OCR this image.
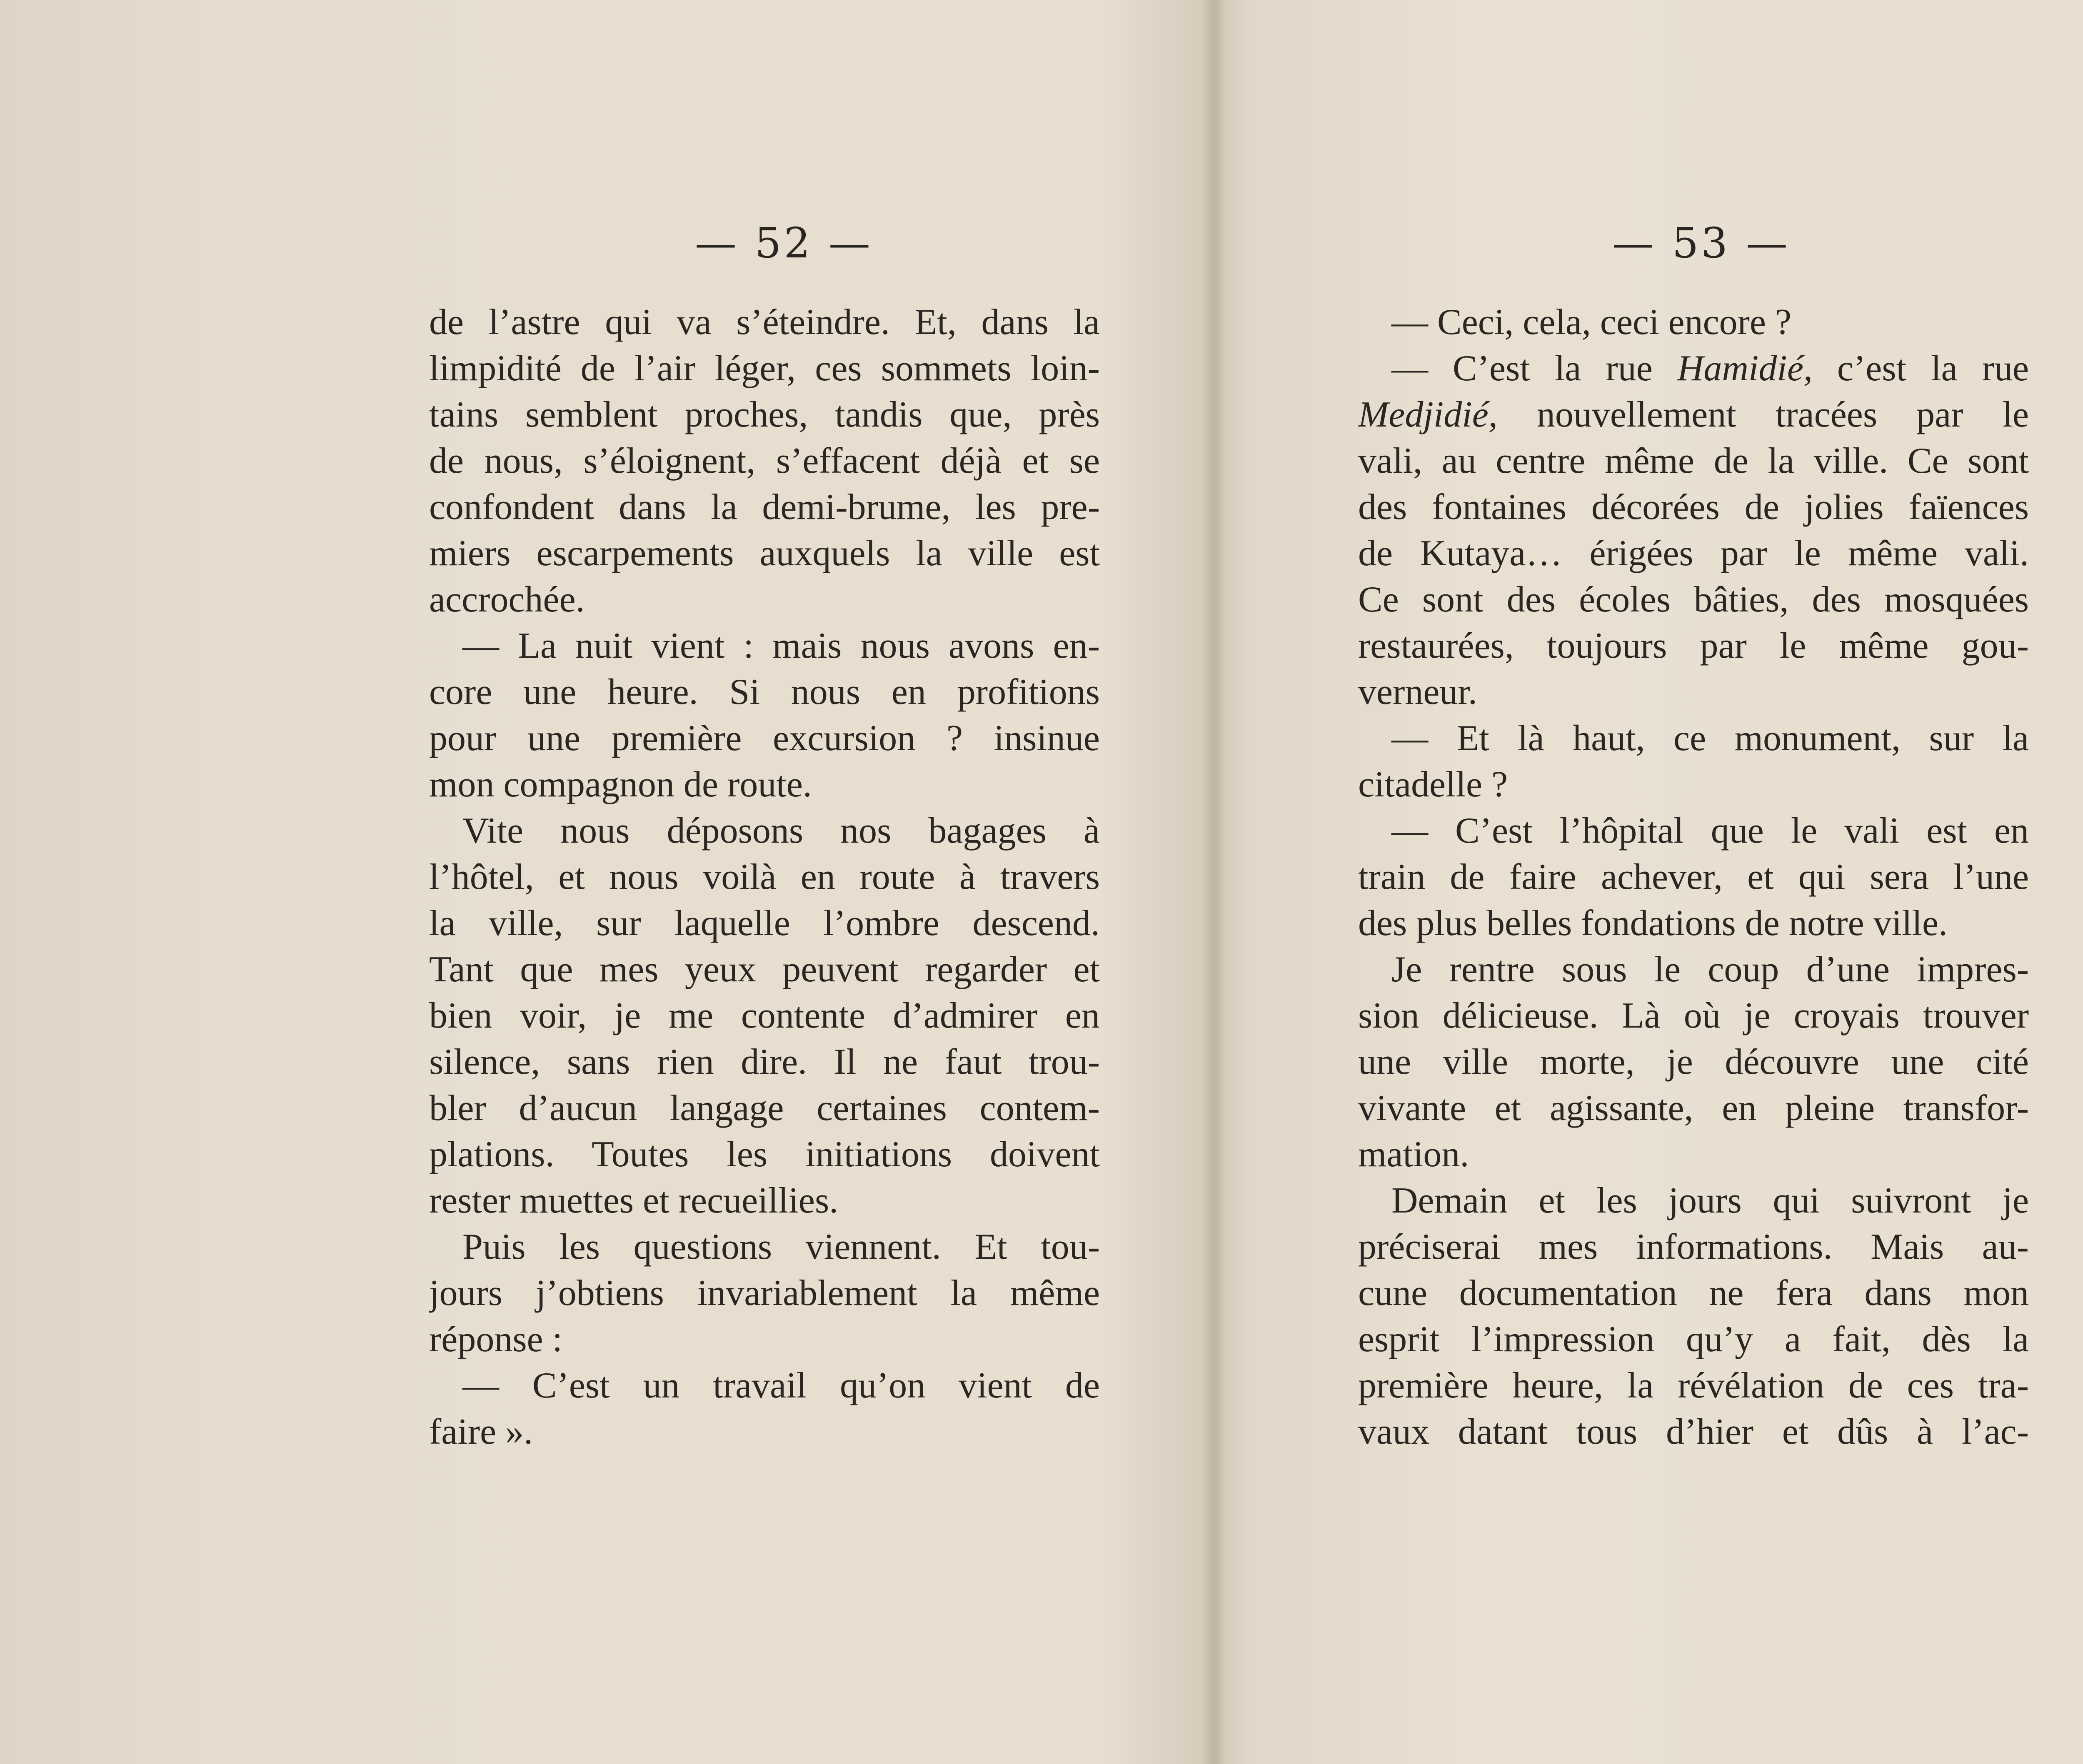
— 52 —
de l’astre qui va s’éteindre. Et, dans la
limpidité de l’air léger, ces sommets loin-
tains semblent proches, tandis que, près
de nous, s’éloignent, s’effacent déjà et se
confondent dans la demi-brume, les pre-
miers escarpements auxquels la ville est
accrochée.
— La nuit vient : mais nous avons en-
core une heure. Si nous en profitions
pour une première excursion ? insinue
mon compagnon de route.
Vite nous déposons nos bagages à
l’hôtel, et nous voilà en route à travers
la ville, sur laquelle l’ombre descend.
Tant que mes yeux peuvent regarder et
bien voir, je me contente d’admirer en
silence, sans rien dire. Il ne faut trou-
bler d’aucun langage certaines contem-
plations. Toutes les initiations doivent
rester muettes et recueillies.
Puis les questions viennent. Et tou-
jours j’obtiens invariablement la même
réponse :
— C’est un travail qu’on vient de
faire ».
— 53 —
— Ceci, cela, ceci encore ?
— C’est la rue Hamidié, c’est la rue
Medjidié, nouvellement tracées par le
vali, au centre même de la ville. Ce sont
des fontaines décorées de jolies faïences
de Kutaya… érigées par le même vali.
Ce sont des écoles bâties, des mosquées
restaurées, toujours par le même gou-
verneur.
— Et là haut, ce monument, sur la
citadelle ?
— C’est l’hôpital que le vali est en
train de faire achever, et qui sera l’une
des plus belles fondations de notre ville.
Je rentre sous le coup d’une impres-
sion délicieuse. Là où je croyais trouver
une ville morte, je découvre une cité
vivante et agissante, en pleine transfor-
mation.
Demain et les jours qui suivront je
préciserai mes informations. Mais au-
cune documentation ne fera dans mon
esprit l’impression qu’y a fait, dès la
première heure, la révélation de ces tra-
vaux datant tous d’hier et dûs à l’ac-
